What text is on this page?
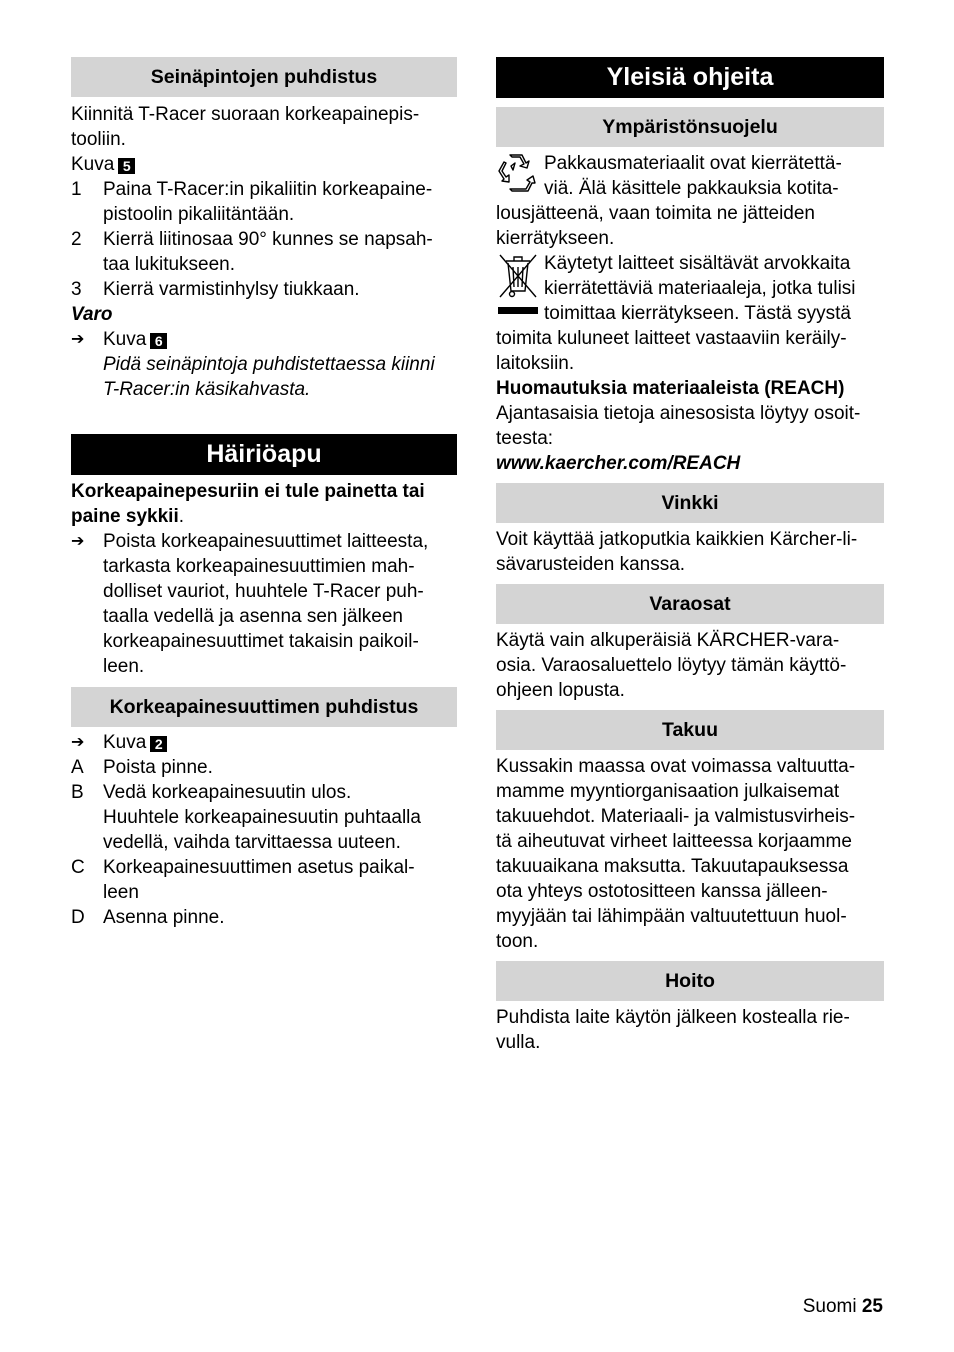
Seinäpintojen puhdistus

Kiinnitä T-Racer suoraan korkeapainepis-

tooliin.

Kuva 5

1	Paina T-Racer:in pikaliitin korkeapaine-

pistoolin pikaliitäntään.

2	Kierrä liitinosaa 90° kunnes se napsah-

taa lukitukseen.

3	Kierrä varmistinhylsy tiukkaan.

Varo

➔ Kuva 6

Pidä seinäpintoja puhdistettaessa kiinni

T-Racer:in käsikahvasta.

Häiriöapu

Korkeapainepesuriin ei tule painetta tai

paine sykkii.

➔ Poista korkeapainesuuttimet laitteesta,

tarkasta korkeapainesuuttimien mah-

dolliset vauriot, huuhtele T-Racer puh-

taalla vedellä ja asenna sen jälkeen

korkeapainesuuttimet takaisin paikoil-

leen.

Korkeapainesuuttimen puhdistus
➔ Kuva 2
A	Poista pinne.

B	Vedä korkeapainesuutin ulos.

Huuhtele korkeapainesuutin puhtaalla

vedellä, vaihda tarvittaessa uuteen.

C Korkeapainesuuttimen asetus paikal-

leen

D Asenna pinne.

Yleisiä ohjeita
Ympäristönsuojelu

Pakkausmateriaalit ovat kierrätettä-

viä. Älä käsittele pakkauksia kotita-

lousjätteenä, vaan toimita ne jätteiden

kierrätykseen.

Käytetyt laitteet sisältävät arvokkaita

kierrätettäviä materiaaleja, jotka tulisi

toimittaa kierrätykseen. Tästä syystä

toimita kuluneet laitteet vastaaviin keräily-

laitoksiin.

Huomautuksia materiaaleista (REACH)

Ajantasaisia tietoja ainesosista löytyy osoit-

teesta:

www.kaercher.com/REACH

Vinkki

Voit käyttää jatkoputkia kaikkien Kärcher-li-

sävarusteiden kanssa.

Varaosat

Käytä vain alkuperäisiä KÄRCHER-vara-

osia. Varaosaluettelo löytyy tämän käyttö-

ohjeen lopusta.

Takuu

Kussakin maassa ovat voimassa valtuutta-

mamme myyntiorganisaation julkaisemat

takuuehdot. Materiaali- ja valmistusvirheis-

tä aiheutuvat virheet laitteessa korjaamme

takuuaikana maksutta. Takuutapauksessa

ota yhteys ostotositteen kanssa jälleen-

myyjään tai lähimpään valtuutettuun huol-

toon.

Hoito

Puhdista laite käytön jälkeen kostealla rie-

vulla.

Suomi 25
